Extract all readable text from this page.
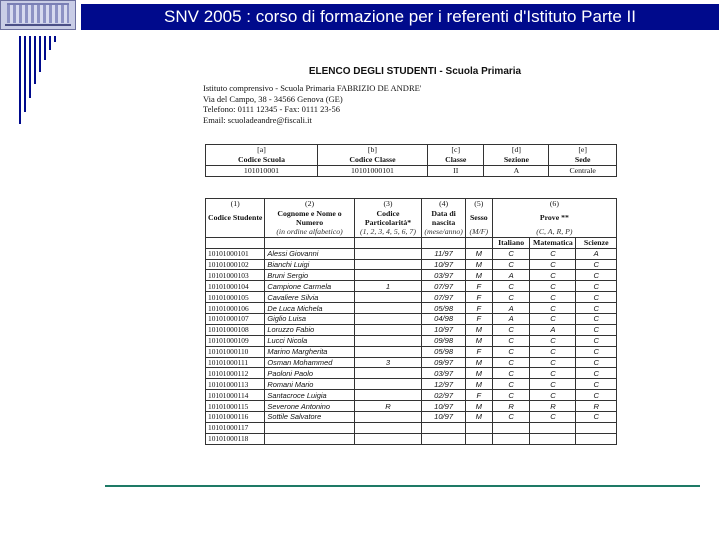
SNV 2005 : corso di formazione per i referenti d'Istituto Parte II
ELENCO DEGLI STUDENTI - Scuola Primaria
Istituto comprensivo - Scuola Primaria FABRIZIO DE ANDRE'
Via del Campo, 38 - 34566 Genova (GE)
Telefono: 0111 12345 - Fax: 0111 23-56
Email: scuoladeandre@fiscali.it
[a]	[b]	[c]	[d]	[e]
Codice Scuola	Codice Classe	Classe	Sezione	Sede
101010001	10101000101	II	A	Centrale
(1)	(2)	(3)	(4)	(5)	(6)		
Codice Studente	Cognome e Nome o Numero	Codice Particolarità*	Data di nascita	Sesso	Prove **		
	(in ordine alfabetico)	(1, 2, 3, 4, 5, 6, 7)	(mese/anno)	(M/F)	(C, A, R, P)		
					Italiano	Matematica	Scienze
10101000101	Alessi Giovanni		11/97	M	C	C	A
10101000102	Bianchi Luigi		10/97	M	C	C	C
10101000103	Bruni Sergio		03/97	M	A	C	C
10101000104	Campione Carmela	1	07/97	F	C	C	C
10101000105	Cavaliere Silvia		07/97	F	C	C	C
10101000106	De Luca Michela		05/98	F	A	C	C
10101000107	Giglio Luisa		04/98	F	A	C	C
10101000108	Loruzzo Fabio		10/97	M	C	A	C
10101000109	Lucci Nicola		09/98	M	C	C	C
10101000110	Marino Margherita		05/98	F	C	C	C
10101000111	Osman Mohammed	3	09/97	M	C	C	C
10101000112	Paoloni Paolo		03/97	M	C	C	C
10101000113	Romani Mario		12/97	M	C	C	C
10101000114	Santacroce Luigia		02/97	F	C	C	C
10101000115	Severone Antonino	R	10/97	M	R	R	R
10101000116	Sottile Salvatore		10/97	M	C	C	C
10101000117							
10101000118							
